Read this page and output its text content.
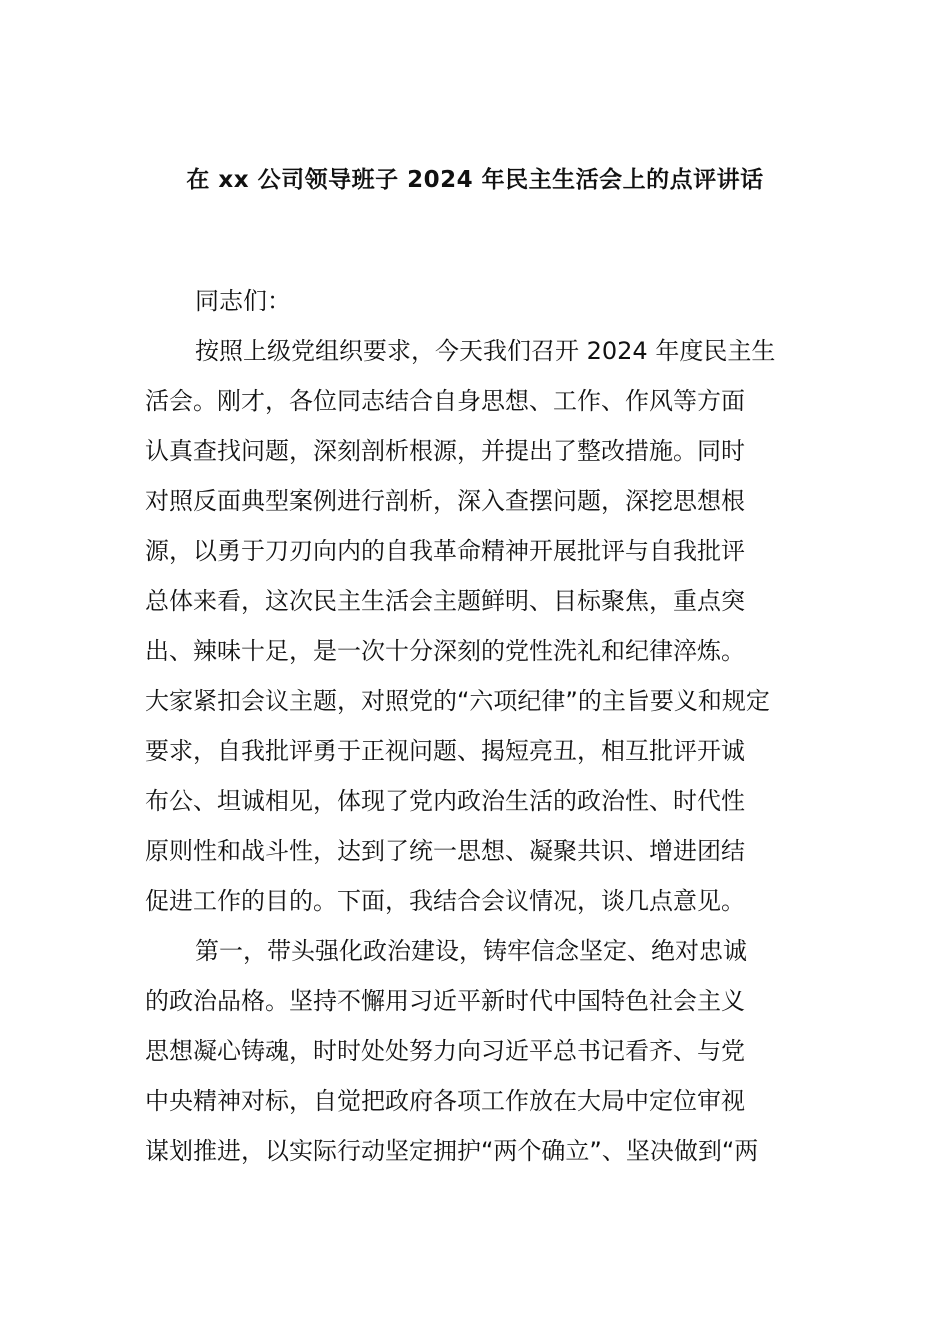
在 xx 公司领导班子 2024 年民主生活会上的点评讲话
同志们：
按照上级党组织要求，今天我们召开 2024 年度民主生
活会。刚才，各位同志结合自身思想、工作、作风等方面
认真查找问题，深刻剖析根源，并提出了整改措施。同时
对照反面典型案例进行剖析，深入查摆问题，深挖思想根
源，以勇于刀刃向内的自我革命精神开展批评与自我批评
总体来看，这次民主生活会主题鲜明、目标聚焦，重点突
出、辣味十足，是一次十分深刻的党性洗礼和纪律淬炼。
大家紧扣会议主题，对照党的“六项纪律”的主旨要义和规定
要求，自我批评勇于正视问题、揭短亮丑，相互批评开诚
布公、坦诚相见，体现了党内政治生活的政治性、时代性
原则性和战斗性，达到了统一思想、凝聚共识、增进团结
促进工作的目的。下面，我结合会议情况，谈几点意见。
第一，带头强化政治建设，铸牢信念坚定、绝对忠诚
的政治品格。坚持不懈用习近平新时代中国特色社会主义
思想凝心铸魂，时时处处努力向习近平总书记看齐、与党
中央精神对标，自觉把政府各项工作放在大局中定位审视
谋划推进，以实际行动坚定拥护“两个确立”、坚决做到“两
